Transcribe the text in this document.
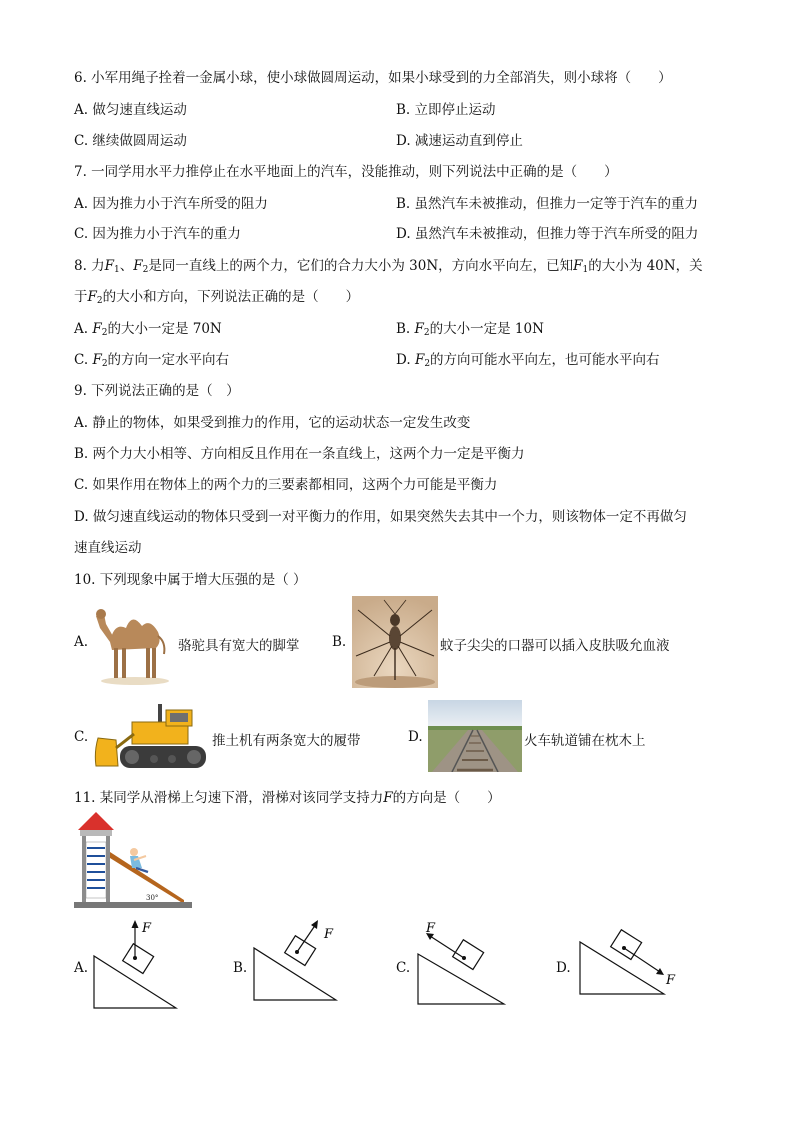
6. 小军用绳子拴着一金属小球，使小球做圆周运动，如果小球受到的力全部消失，则小球将（　　）
A. 做匀速直线运动	B. 立即停止运动
C. 继续做圆周运动	D. 减速运动直到停止
7. 一同学用水平力推停止在水平地面上的汽车，没能推动，则下列说法中正确的是（　　）
A. 因为推力小于汽车所受的阻力	B. 虽然汽车未被推动，但推力一定等于汽车的重力
C. 因为推力小于汽车的重力	D. 虽然汽车未被推动，但推力等于汽车所受的阻力
8. 力$F_1$、$F_2$是同一直线上的两个力，它们的合力大小为 30N，方向水平向左，已知$F_1$的大小为 40N，关
于$F_2$的大小和方向，下列说法正确的是（　　）
A. $F_2$的大小一定是 70N	B. $F_2$的大小一定是 10N
C. $F_2$的方向一定水平向右	D. $F_2$的方向可能水平向左，也可能水平向右
9. 下列说法正确的是（　）
A. 静止的物体，如果受到推力的作用，它的运动状态一定发生改变
B. 两个力大小相等、方向相反且作用在一条直线上，这两个力一定是平衡力
C. 如果作用在物体上的两个力的三要素都相同，这两个力可能是平衡力
D. 做匀速直线运动的物体只受到一对平衡力的作用，如果突然失去其中一个力，则该物体一定不再做匀
速直线运动
10. 下列现象中属于增大压强的是（ ）
A.	骆驼具有宽大的脚掌 B.	蚊子尖尖的口器可以插入皮肤吸允血液
C.	推土机有两条宽大的履带	D.	火车轨道铺在枕木上
11. 某同学从滑梯上匀速下滑，滑梯对该同学支持力F的方向是（　　）
30°
A.
F
B.
F
C.
F
D.
F
